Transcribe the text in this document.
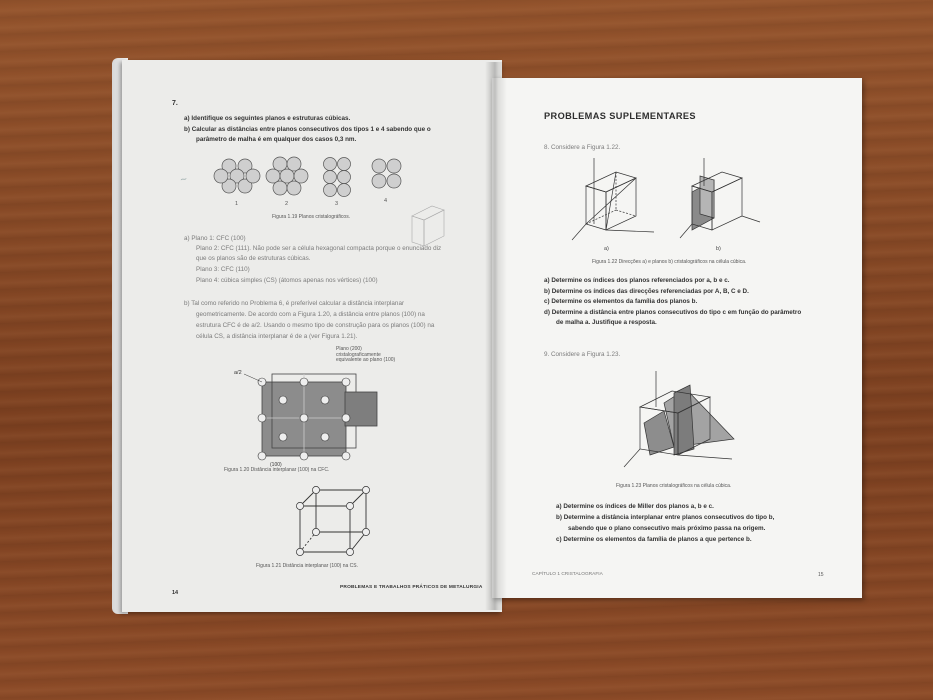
7.
a) Identifique os seguintes planos e estruturas cúbicas.
b) Calcular as distâncias entre planos consecutivos dos tipos 1 e 4 sabendo que o
parâmetro de malha é em qualquer dos casos 0,3 nm.
1	2	3	4
Figura 1.19 Planos cristalográficos.
~
a) Plano 1: CFC (100)
Plano 2: CFC (111). Não pode ser a célula hexagonal compacta porque o enunciado diz
que os planos são de estruturas cúbicas.
Plano 3: CFC (110)
Plano 4: cúbica simples (CS) (átomos apenas nos vértices) (100)
b) Tal como referido no Problema 6, é preferível calcular a distância interplanar
geometricamente. De acordo com a Figura 1.20, a distância entre planos (100) na
estrutura CFC é de a/2. Usando o mesmo tipo de construção para os planos (100) na
célula CS, a distância interplanar é de a (ver Figura 1.21).
Plano (200)
cristalograficamente
equivalente ao plano (100)
a/2
(100)
Figura 1.20 Distância interplanar (100) na CFC.
Figura 1.21 Distância interplanar (100) na CS.
14
PROBLEMAS E TRABALHOS PRÁTICOS DE METALURGIA
PROBLEMAS SUPLEMENTARES
8. Considere a Figura 1.22.
a)	b)
Figura 1.22 Direcções a) e planos b) cristalográficos na célula cúbica.
a) Determine os índices dos planos referenciados por a, b e c.
b) Determine os índices das direcções referenciadas por A, B, C e D.
c) Determine os elementos da família dos planos b.
d) Determine a distância entre planos consecutivos do tipo c em função do parâmetro
de malha a. Justifique a resposta.
9. Considere a Figura 1.23.
Figura 1.23 Planos cristalográficos na célula cúbica.
a) Determine os índices de Miller dos planos a, b e c.
b) Determine a distância interplanar entre planos consecutivos do tipo b,
sabendo que o plano consecutivo mais próximo passa na origem.
c) Determine os elementos da família de planos a que pertence b.
CAPÍTULO 1 CRISTALOGRAFIA	15
